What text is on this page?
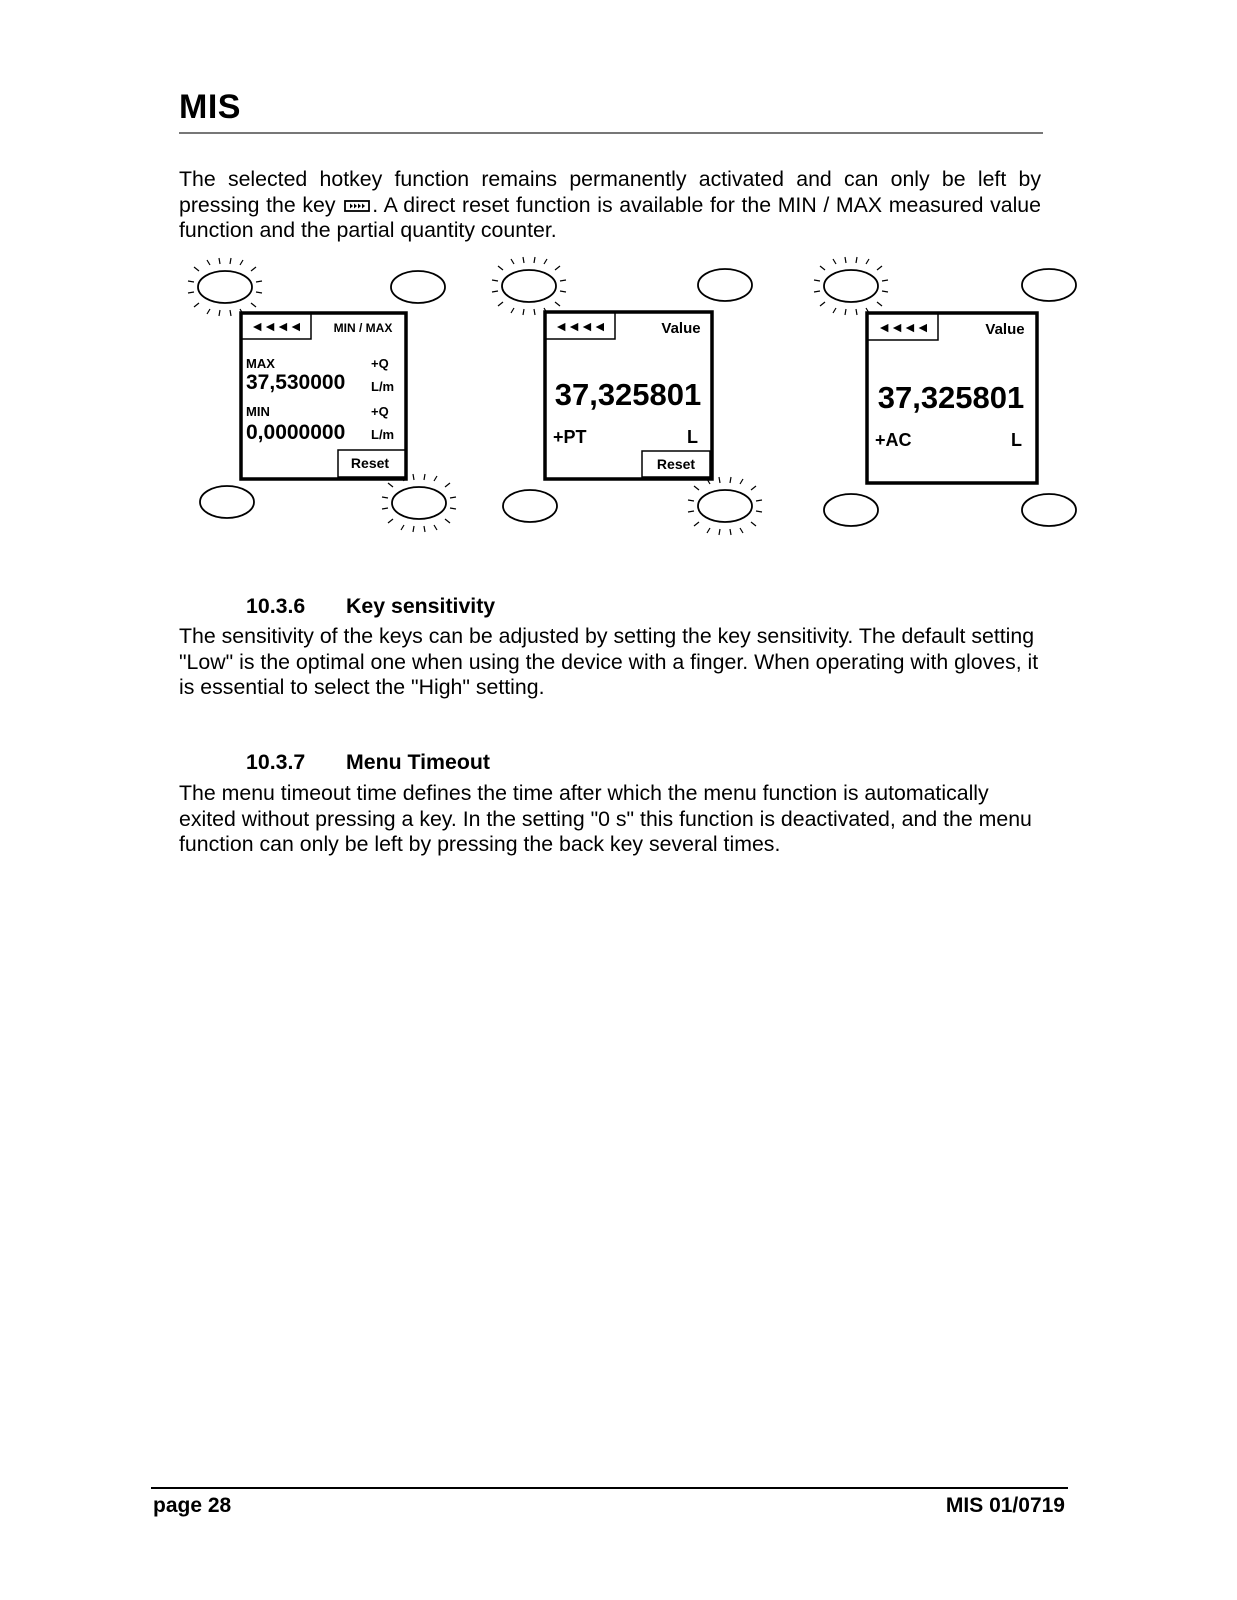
MIS
The selected hotkey function remains permanently activated and can only be left by pressing the key . A direct reset function is available for the MIN / MAX measured value function and the partial quantity counter.
◄◄◄◄	MIN / MAX
MAX	+Q
37,530000 L/m
MIN	+Q
0,0000000 L/m
Reset
◄◄◄◄	Value
37,325801
+PT	L
Reset
◄◄◄◄	Value
37,325801
+AC	L
10.3.6 Key sensitivity
The sensitivity of the keys can be adjusted by setting the key sensitivity. The default setting "Low" is the optimal one when using the device with a finger. When operating with gloves, it is essential to select the "High" setting.
10.3.7 Menu Timeout
The menu timeout time defines the time after which the menu function is automatically exited without pressing a key. In the setting "0 s" this function is deactivated, and the menu function can only be left by pressing the back key several times.
page 28	MIS 01/0719
